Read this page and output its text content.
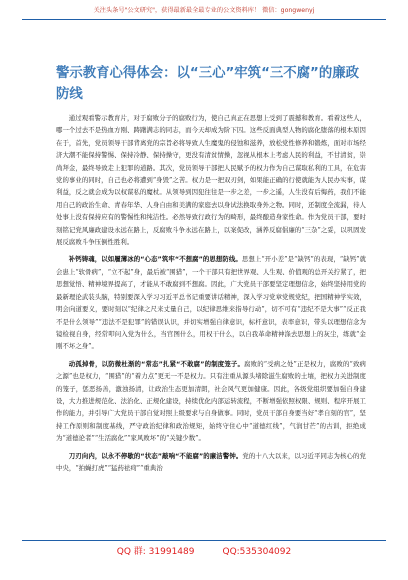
关注头条号"公文研究"，获得最新最全最专业的公文资料库！ 微信：gongwenyj
警示教育心得体会：以“三心”牢筑“三不腐”的廉政防线

通过观看警示教育片，对于腐败分子的腐败行为，使自己真正在思想上受到了震撼和教育。看着这些人，哪一个过去不是热血方刚、踌躇满志的同志，而今天却成为阶下囚。这些反面典型人物的腐化堕落的根本原因在于，首先，党员领导干部背离党的宗旨必将导致人生魔鬼的侵蚀和滋养，放松党性修养和锻炼，面对市场经济大潮不能保持警惕、保持冷静、保持操守，更没有清贫情操，忽视从根本上考虑人民的利益，不甘清贫，崇尚拜金，最终导致走上犯罪的道路。其次，党员领导干部把人民赋予的权力作为自己谋取私利的工具，在危害党的事业的同时，自己也必将遭到“身毁”之苦。权力是一把双刃剑，如果能正确的行使就能为人民办实事，谋利益，反之就会成为以权谋私的魔杖。从领导到因犯往往是一步之差，一步之遥，人生没有后悔药，我们不能用自己的政治生命、青春年华、人身自由和美满的家庭去以身试法换取身外之物。同时，还制度全流漏，待人处事上没有保持应有的警惕性和纯洁性。必然导致行政行为的畸形，最终酿造身家性命。作为党员干部，要时刻铭记党风廉政建设永远在路上，反腐败斗争永远在路上，以案促改，涵养反腐倡廉的“三杂”之妥，以巩固发展反腐败斗争压倒性胜利。

补钙铸魂，以如履薄冰的“心态”筑牢“不想腐”的思想防线。思想上“开小差”是“缺钙”的表现，“缺钙”就会患上“软骨病”，“立不起”身，最后被“围猎”，一个干部只有把世界观、人生观、价值观的总开关拧紧了，把思想觉悟、精神境界提高了，才能从不敢腐到不想腐。因此，广大党员干部要坚定理想信念，始终坚持用党的最新理论武装头脑，特别要深入学习习近平总书记重要讲话精神，深入学习党章党规党纪，把国精神学实效，明会向道要义，要时刻以“纪律之尺来丈量自己，以纪律思维来指导行动”，切不可有“违纪不是大事”“反正我不是什么领导”“违法不是犯罪”的错误认识，并切实增强自律意识，标杆意识，表率意识，带头以理想信念为镜检视自身，经常叩问入党为什么，当官图什么，用权干什么，以自我革命精神涤去思想上的灰尘，练就“金刚不坏之身”。

动孤掉骨，以防微杜渐的“常态”扎紧“不敢腐”的制度笼子。腐败的“受病之处”正是权力，腐败的“致病之源”也是权力，“围猎”的“着力点”更无一不是权力。只有注重从源头堵除滋生腐败的土壤，把权力关进制度的笼子，惩恶扬善，激浊扬清，让政治生态更加清朗，社会风气更加健康。因此，各级党组织要加强自身建设，大力推进规范化、法治化、正规化建设，持续优化内部运转流程，不断增强依照权限、规则、程序开展工作的能力，并引导广大党员干部自觉对照上级要求与自身做事。同时，党员干部自身要当好“孝自刻的官”，坚持工作原则和制度基线，严守政治纪律和政治规矩，始终守住心中“道德红线”，气润甘芒”的古训，拒绝成为“道德论者”“生活腐化”“家风败坏”的“关键少数”。

刀刃向内，以永不停歇的“状态”敲响“不能腐”的廉洁警钟。党的十八大以来，以习近平同志为核心的党中央，“拍蝇打虎”“猛药祛疴”“重典治

QQ 群: 31991489	QQ:535304092
